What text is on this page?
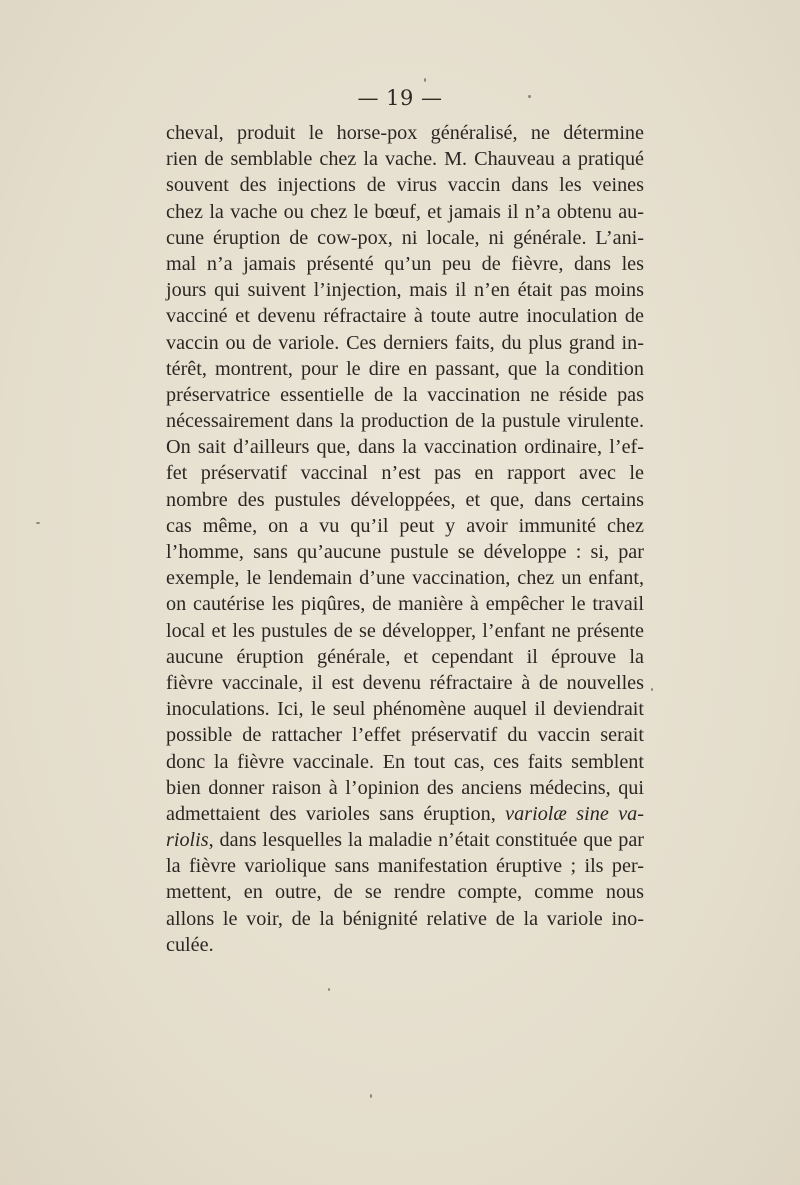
— 19 —
cheval, produit le horse-pox généralisé, ne détermine
rien de semblable chez la vache. M. Chauveau a pratiqué
souvent des injections de virus vaccin dans les veines
chez la vache ou chez le bœuf, et jamais il n’a obtenu au-
cune éruption de cow-pox, ni locale, ni générale. L’ani-
mal n’a jamais présenté qu’un peu de fièvre, dans les
jours qui suivent l’injection, mais il n’en était pas moins
vacciné et devenu réfractaire à toute autre inoculation de
vaccin ou de variole. Ces derniers faits, du plus grand in-
térêt, montrent, pour le dire en passant, que la condition
préservatrice essentielle de la vaccination ne réside pas
nécessairement dans la production de la pustule virulente.
On sait d’ailleurs que, dans la vaccination ordinaire, l’ef-
fet préservatif vaccinal n’est pas en rapport avec le
nombre des pustules développées, et que, dans certains
cas même, on a vu qu’il peut y avoir immunité chez
l’homme, sans qu’aucune pustule se développe : si, par
exemple, le lendemain d’une vaccination, chez un enfant,
on cautérise les piqûres, de manière à empêcher le travail
local et les pustules de se développer, l’enfant ne présente
aucune éruption générale, et cependant il éprouve la
fièvre vaccinale, il est devenu réfractaire à de nouvelles
inoculations. Ici, le seul phénomène auquel il deviendrait
possible de rattacher l’effet préservatif du vaccin serait
donc la fièvre vaccinale. En tout cas, ces faits semblent
bien donner raison à l’opinion des anciens médecins, qui
admettaient des varioles sans éruption, variolæ sine va-
riolis, dans lesquelles la maladie n’était constituée que par
la fièvre variolique sans manifestation éruptive ; ils per-
mettent, en outre, de se rendre compte, comme nous
allons le voir, de la bénignité relative de la variole ino-
culée.
